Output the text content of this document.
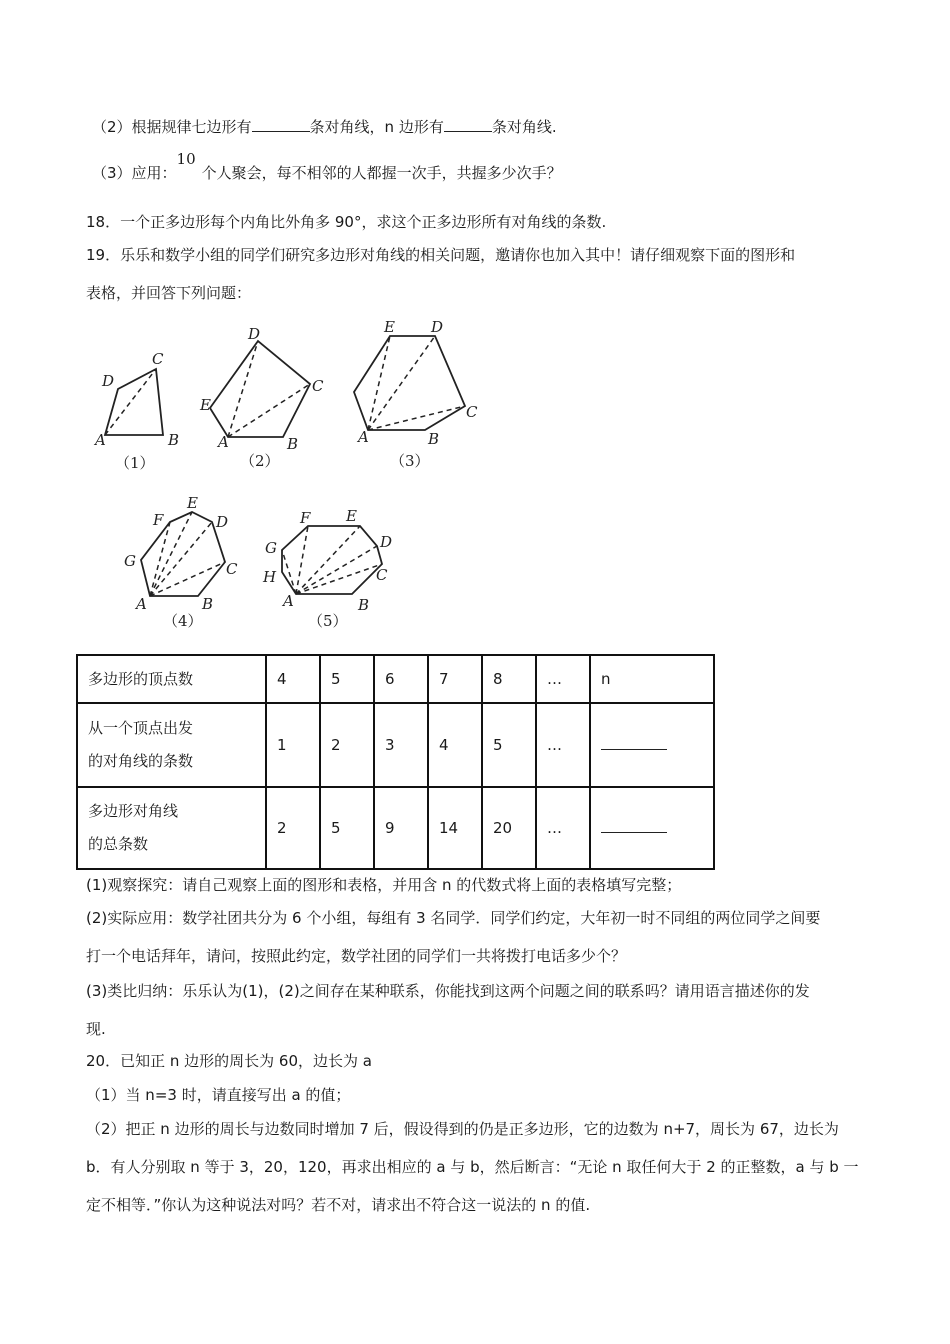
（2）根据规律七边形有	条对角线，n 边形有	条对角线.
（3）应用：10个人聚会，每不相邻的人都握一次手，共握多少次手？
18．一个正多边形每个内角比外角多 90°，求这个正多边形所有对角线的条数.
19．乐乐和数学小组的同学们研究多边形对角线的相关问题，邀请你也加入其中！请仔细观察下面的图形和
表格，并回答下列问题：
A	B
C
D
（1）
A	B
C
D
E
（2）
A	B
C
D
E
（3）
A	B
C
D
E
F
G
（4）
A	B
C
D
E
F
G
H
（5）
多边形的顶点数	4	5	6	7	8	…	n
从一个顶点出发
的对角线的条数	1	2	3	4	5	…	
多边形对角线
的总条数	2	5	9	14	20	…	
(1)观察探究：请自己观察上面的图形和表格，并用含 n 的代数式将上面的表格填写完整；
(2)实际应用：数学社团共分为 6 个小组，每组有 3 名同学．同学们约定，大年初一时不同组的两位同学之间要
打一个电话拜年，请问，按照此约定，数学社团的同学们一共将拨打电话多少个？
(3)类比归纳：乐乐认为(1)，(2)之间存在某种联系，你能找到这两个问题之间的联系吗？请用语言描述你的发
现.
20．已知正 n 边形的周长为 60，边长为 a
（1）当 n=3 时，请直接写出 a 的值；
（2）把正 n 边形的周长与边数同时增加 7 后，假设得到的仍是正多边形，它的边数为 n+7，周长为 67，边长为
b．有人分别取 n 等于 3，20，120，再求出相应的 a 与 b，然后断言：“无论 n 取任何大于 2 的正整数，a 与 b 一
定不相等．”你认为这种说法对吗？若不对，请求出不符合这一说法的 n 的值.
